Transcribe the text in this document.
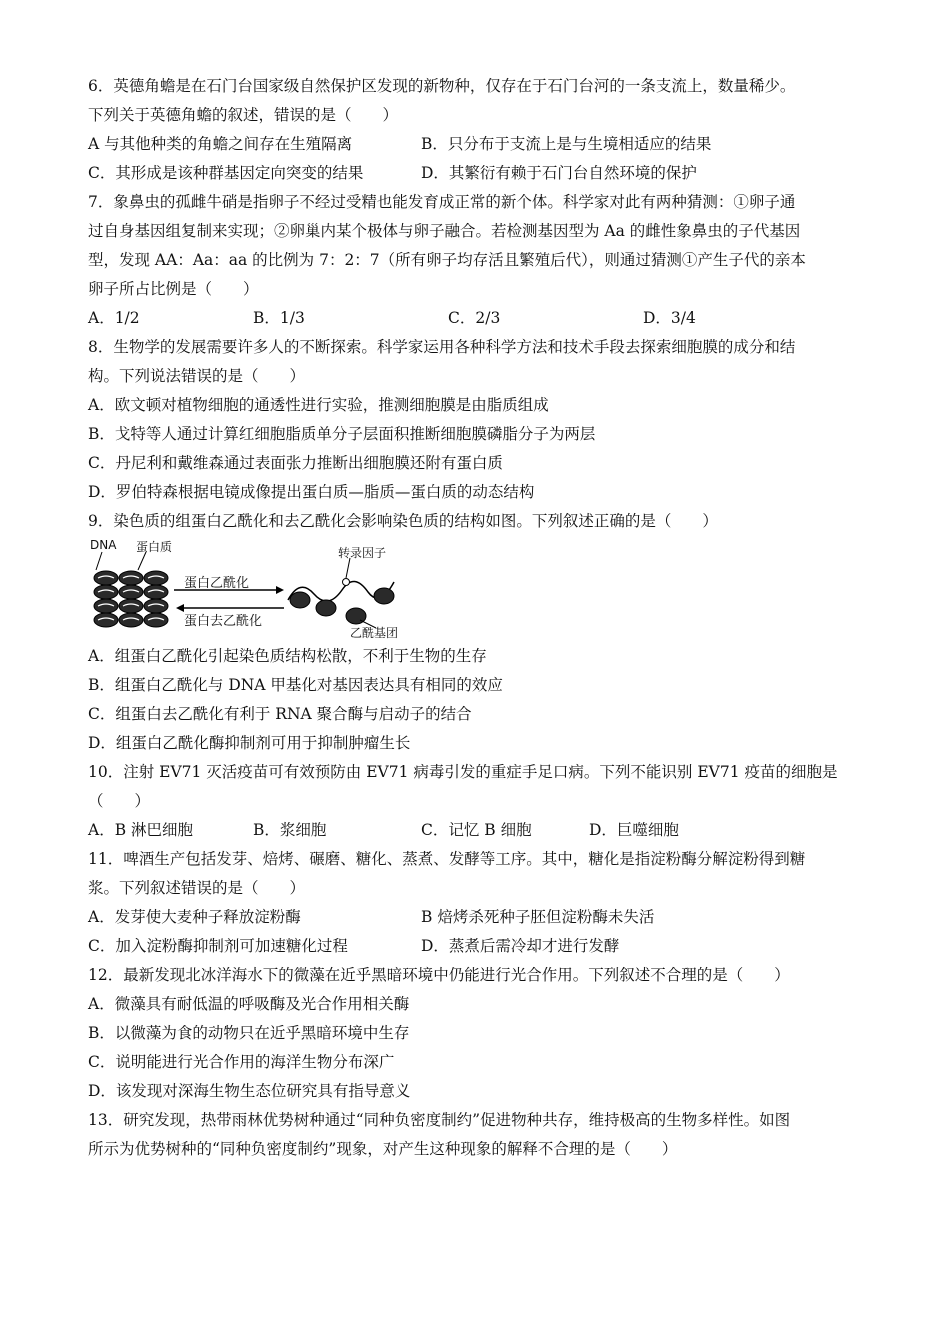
6．英德角蟾是在石门台国家级自然保护区发现的新物种，仅存在于石门台河的一条支流上，数量稀少。
下列关于英德角蟾的叙述，错误的是（　　）
A 与其他种类的角蟾之间存在生殖隔离	B．只分布于支流上是与生境相适应的结果
C．其形成是该种群基因定向突变的结果	D．其繁衍有赖于石门台自然环境的保护
7．象鼻虫的孤雌牛硝是指卵子不经过受精也能发育成正常的新个体。科学家对此有两种猜测：①卵子通
过自身基因组复制来实现；②卵巢内某个极体与卵子融合。若检测基因型为 Aa 的雌性象鼻虫的子代基因
型，发现 AA：Aa：aa 的比例为 7：2：7（所有卵子均存活且繁殖后代），则通过猜测①产生子代的亲本
卵子所占比例是（　　）
A．1/2	B．1/3	C．2/3	D．3/4
8．生物学的发展需要许多人的不断探索。科学家运用各种科学方法和技术手段去探索细胞膜的成分和结
构。下列说法错误的是（　　）
A．欧文顿对植物细胞的通透性进行实验，推测细胞膜是由脂质组成
B．戈特等人通过计算红细胞脂质单分子层面积推断细胞膜磷脂分子为两层
C．丹尼利和戴维森通过表面张力推断出细胞膜还附有蛋白质
D．罗伯特森根据电镜成像提出蛋白质—脂质—蛋白质的动态结构
9．染色质的组蛋白乙酰化和去乙酰化会影响染色质的结构如图。下列叙述正确的是（　　）
DNA 蛋白质
蛋白乙酰化
蛋白去乙酰化
转录因子
乙酰基团
A．组蛋白乙酰化引起染色质结构松散，不利于生物的生存
B．组蛋白乙酰化与 DNA 甲基化对基因表达具有相同的效应
C．组蛋白去乙酰化有利于 RNA 聚合酶与启动子的结合
D．组蛋白乙酰化酶抑制剂可用于抑制肿瘤生长
10．注射 EV71 灭活疫苗可有效预防由 EV71 病毒引发的重症手足口病。下列不能识别 EV71 疫苗的细胞是
（　　）
A．B 淋巴细胞	B．浆细胞	C．记忆 B 细胞	D．巨噬细胞
11．啤酒生产包括发芽、焙烤、碾磨、糖化、蒸煮、发酵等工序。其中，糖化是指淀粉酶分解淀粉得到糖
浆。下列叙述错误的是（　　）
A．发芽使大麦种子释放淀粉酶	B 焙烤杀死种子胚但淀粉酶未失活
C．加入淀粉酶抑制剂可加速糖化过程	D．蒸煮后需冷却才进行发酵
12．最新发现北冰洋海水下的微藻在近乎黑暗环境中仍能进行光合作用。下列叙述不合理的是（　　）
A．微藻具有耐低温的呼吸酶及光合作用相关酶
B．以微藻为食的动物只在近乎黑暗环境中生存
C．说明能进行光合作用的海洋生物分布深广
D．该发现对深海生物生态位研究具有指导意义
13．研究发现，热带雨林优势树种通过“同种负密度制约”促进物种共存，维持极高的生物多样性。如图
所示为优势树种的“同种负密度制约”现象，对产生这种现象的解释不合理的是（　　）
